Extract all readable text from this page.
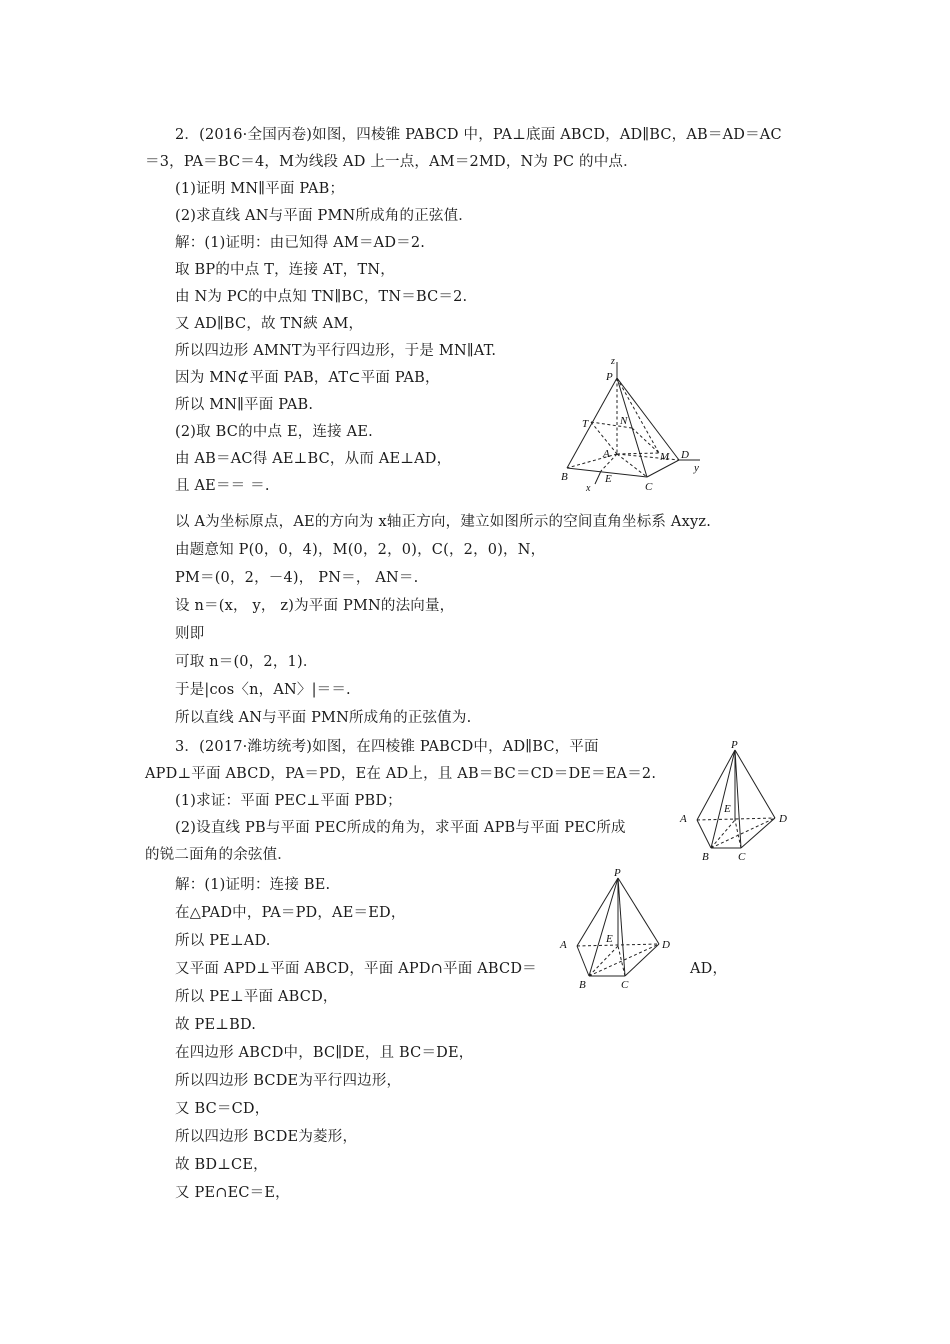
2．(2016·全国丙卷)如图，四棱锥 PABCD 中，PA⊥底面 ABCD，AD∥BC，AB＝AD＝AC
＝3，PA＝BC＝4，M为线段 AD 上一点，AM＝2MD，N为 PC 的中点．
(1)证明 MN∥平面 PAB；
(2)求直线 AN与平面 PMN所成角的正弦值．
解：(1)证明：由已知得 AM＝AD＝2.
取 BP的中点 T，连接 AT，TN，
由 N为 PC的中点知 TN∥BC，TN＝BC＝2.
又 AD∥BC，故 TN綊 AM，
所以四边形 AMNT为平行四边形，于是 MN∥AT.
因为 MN⊄平面 PAB，AT⊂平面 PAB，
所以 MN∥平面 PAB.
(2)取 BC的中点 E，连接 AE.
由 AB＝AC得 AE⊥BC，从而 AE⊥AD，
且 AE＝＝ ＝.
以 A为坐标原点，AE的方向为 x轴正方向，建立如图所示的空间直角坐标系 Axyz.
由题意知 P(0，0，4)，M(0，2，0)，C(，2，0)，N，
PM＝(0，2，－4)， PN＝， AN＝.
设 n＝(x， y， z)为平面 PMN的法向量，
则即
可取 n＝(0，2，1)．
于是|cos〈n，AN〉|＝＝.
所以直线 AN与平面 PMN所成角的正弦值为.
3．(2017·潍坊统考)如图，在四棱锥 PABCD中，AD∥BC，平面
APD⊥平面 ABCD，PA＝PD，E在 AD上，且 AB＝BC＝CD＝DE＝EA＝2.
(1)求证：平面 PEC⊥平面 PBD；
(2)设直线 PB与平面 PEC所成的角为，求平面 APB与平面 PEC所成
的锐二面角的余弦值．
解：(1)证明：连接 BE.
在△PAD中，PA＝PD，AE＝ED，
所以 PE⊥AD.
又平面 APD⊥平面 ABCD，平面 APD∩平面 ABCD＝	AD，
所以 PE⊥平面 ABCD，
故 PE⊥BD.
在四边形 ABCD中，BC∥DE，且 BC＝DE，
所以四边形 BCDE为平行四边形，
又 BC＝CD，
所以四边形 BCDE为菱形，
故 BD⊥CE，
又 PE∩EC＝E，
z
P
N
T
A	M D
y
B
x
E
C
P
E
A	D
B	C
P
E
A	D
B	C
